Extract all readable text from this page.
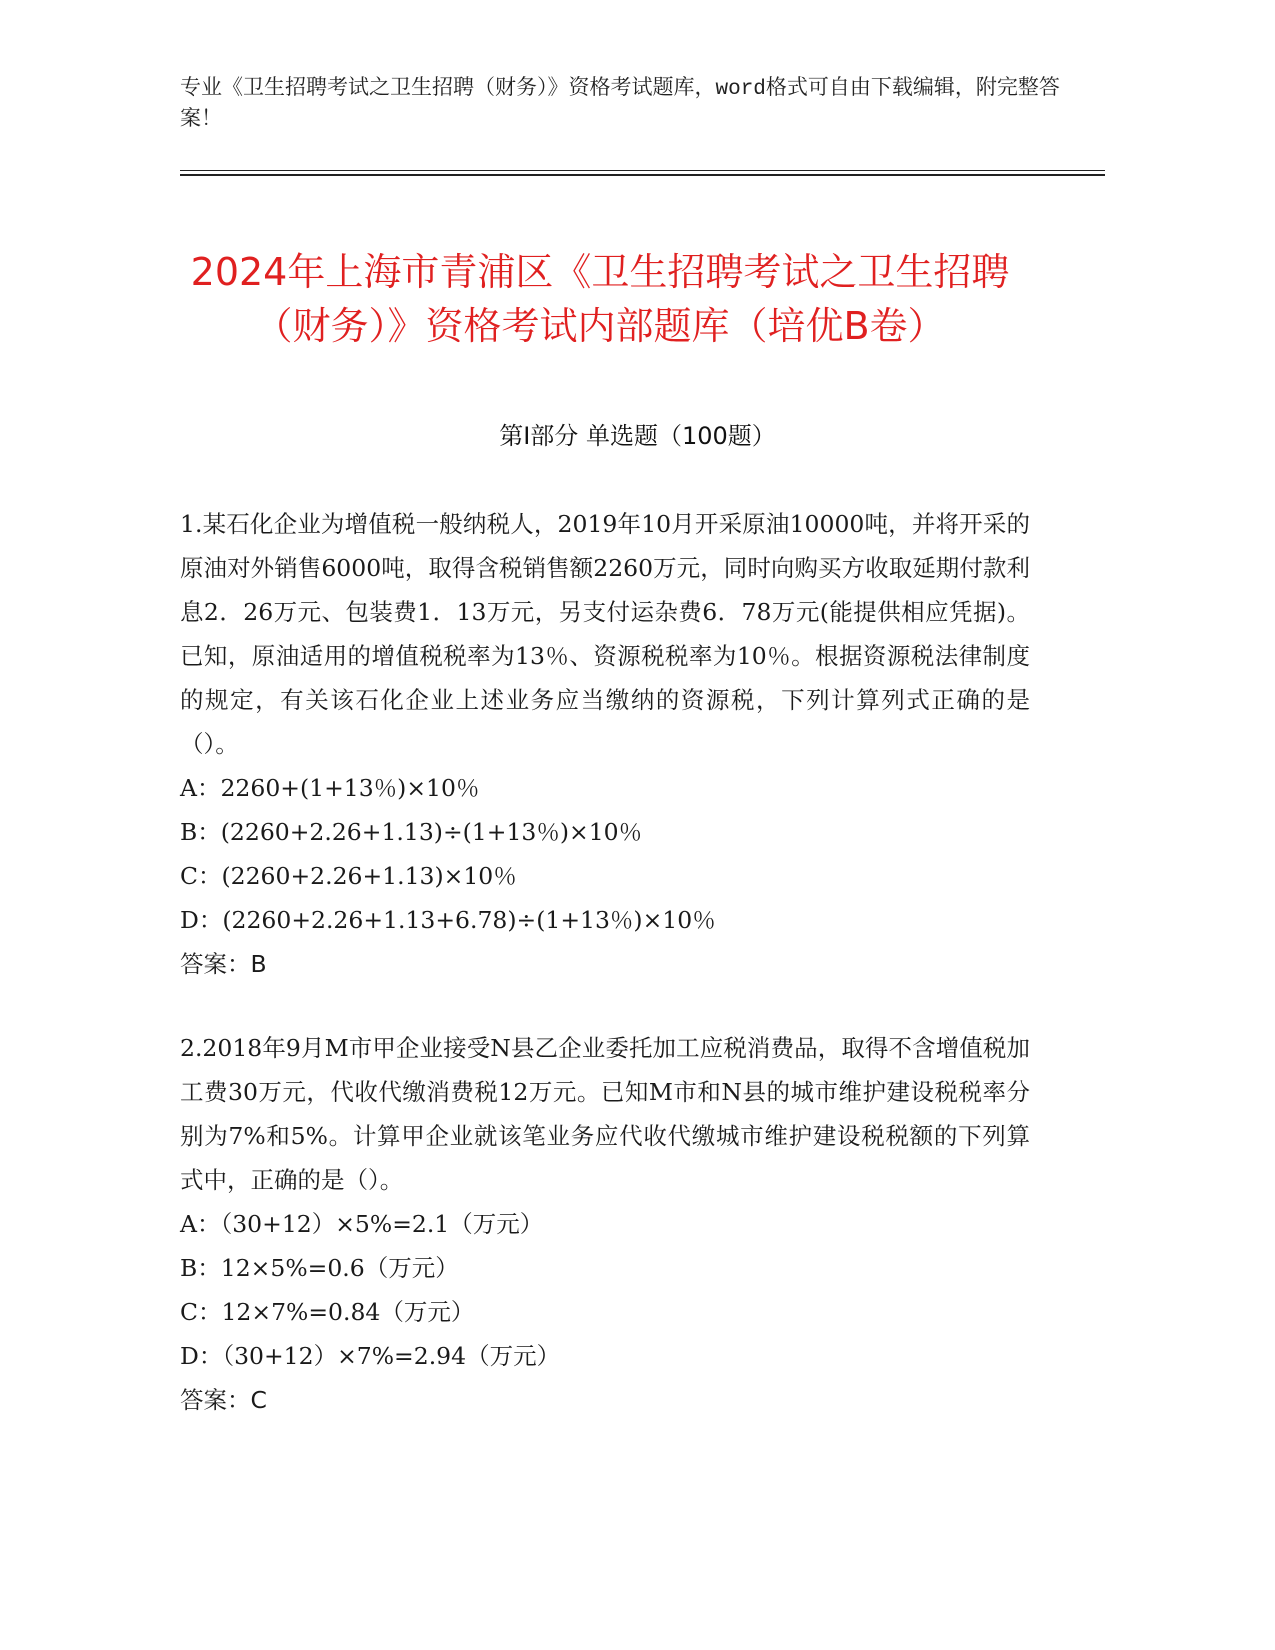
专业《卫生招聘考试之卫生招聘（财务）》资格考试题库，word格式可自由下载编辑，附完整答案！
2024年上海市青浦区《卫生招聘考试之卫生招聘（财务）》资格考试内部题库（培优B卷）
第I部分 单选题（100题）

1.某石化企业为增值税一般纳税人，2019年10月开采原油10000吨，并将开采的原油对外销售6000吨，取得含税销售额2260万元，同时向购买方收取延期付款利息2．26万元、包装费1．13万元，另支付运杂费6．78万元(能提供相应凭据)。已知，原油适用的增值税税率为13％、资源税税率为10％。根据资源税法律制度的规定，有关该石化企业上述业务应当缴纳的资源税，下列计算列式正确的是（）。

A：2260+(1+13％)×10％

B：(2260+2.26+1.13)÷(1+13％)×10％

C：(2260+2.26+1.13)×10％

D：(2260+2.26+1.13+6.78)÷(1+13％)×10％

答案：B

2.2018年9月M市甲企业接受N县乙企业委托加工应税消费品，取得不含增值税加工费30万元，代收代缴消费税12万元。已知M市和N县的城市维护建设税税率分别为7%和5%。计算甲企业就该笔业务应代收代缴城市维护建设税税额的下列算式中，正确的是（）。

A：（30+12）×5%=2.1（万元）

B：12×5%=0.6（万元）

C：12×7%=0.84（万元）

D：（30+12）×7%=2.94（万元）

答案：C
